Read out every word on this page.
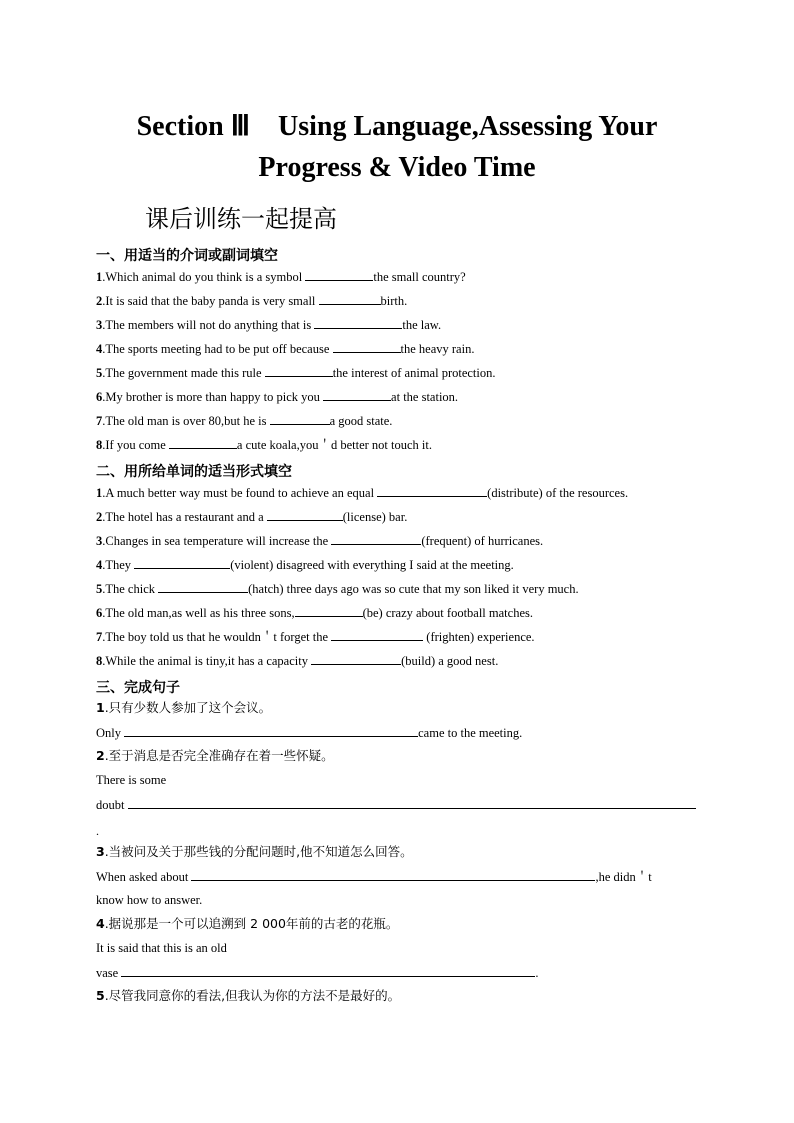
Section Ⅲ　Using Language,Assessing Your
Progress & Video Time
课后训练一起提高
一、用适当的介词或副词填空
1.Which animal do you think is a symbol	the small country?
2.It is said that the baby panda is very small	birth.
3.The members will not do anything that is	the law.
4.The sports meeting had to be put off because	the heavy rain.
5.The government made this rule	the interest of animal protection.
6.My brother is more than happy to pick you	at the station.
7.The old man is over 80,but he is	a good state.
8.If you come	a cute koala,you＇d better not touch it.
二、用所给单词的适当形式填空
1.A much better way must be found to achieve an equal	(distribute) of the resources.
2.The hotel has a restaurant and a	(license) bar.
3.Changes in sea temperature will increase the	(frequent) of hurricanes.
4.They	(violent) disagreed with everything I said at the meeting.
5.The chick	(hatch) three days ago was so cute that my son liked it very much.
6.The old man,as well as his three sons,	(be) crazy about football matches.
7.The boy told us that he wouldn＇t forget the	(frighten) experience.
8.While the animal is tiny,it has a capacity	(build) a good nest.
三、完成句子
1.只有少数人参加了这个会议。
Only	came to the meeting.
2.至于消息是否完全准确存在着一些怀疑。
There is some
doubt
.
3.当被问及关于那些钱的分配问题时,他不知道怎么回答。
When asked about	,he didn＇t
know how to answer.
4.据说那是一个可以追溯到 2 000年前的古老的花瓶。
It is said that this is an old
vase	.
5.尽管我同意你的看法,但我认为你的方法不是最好的。
